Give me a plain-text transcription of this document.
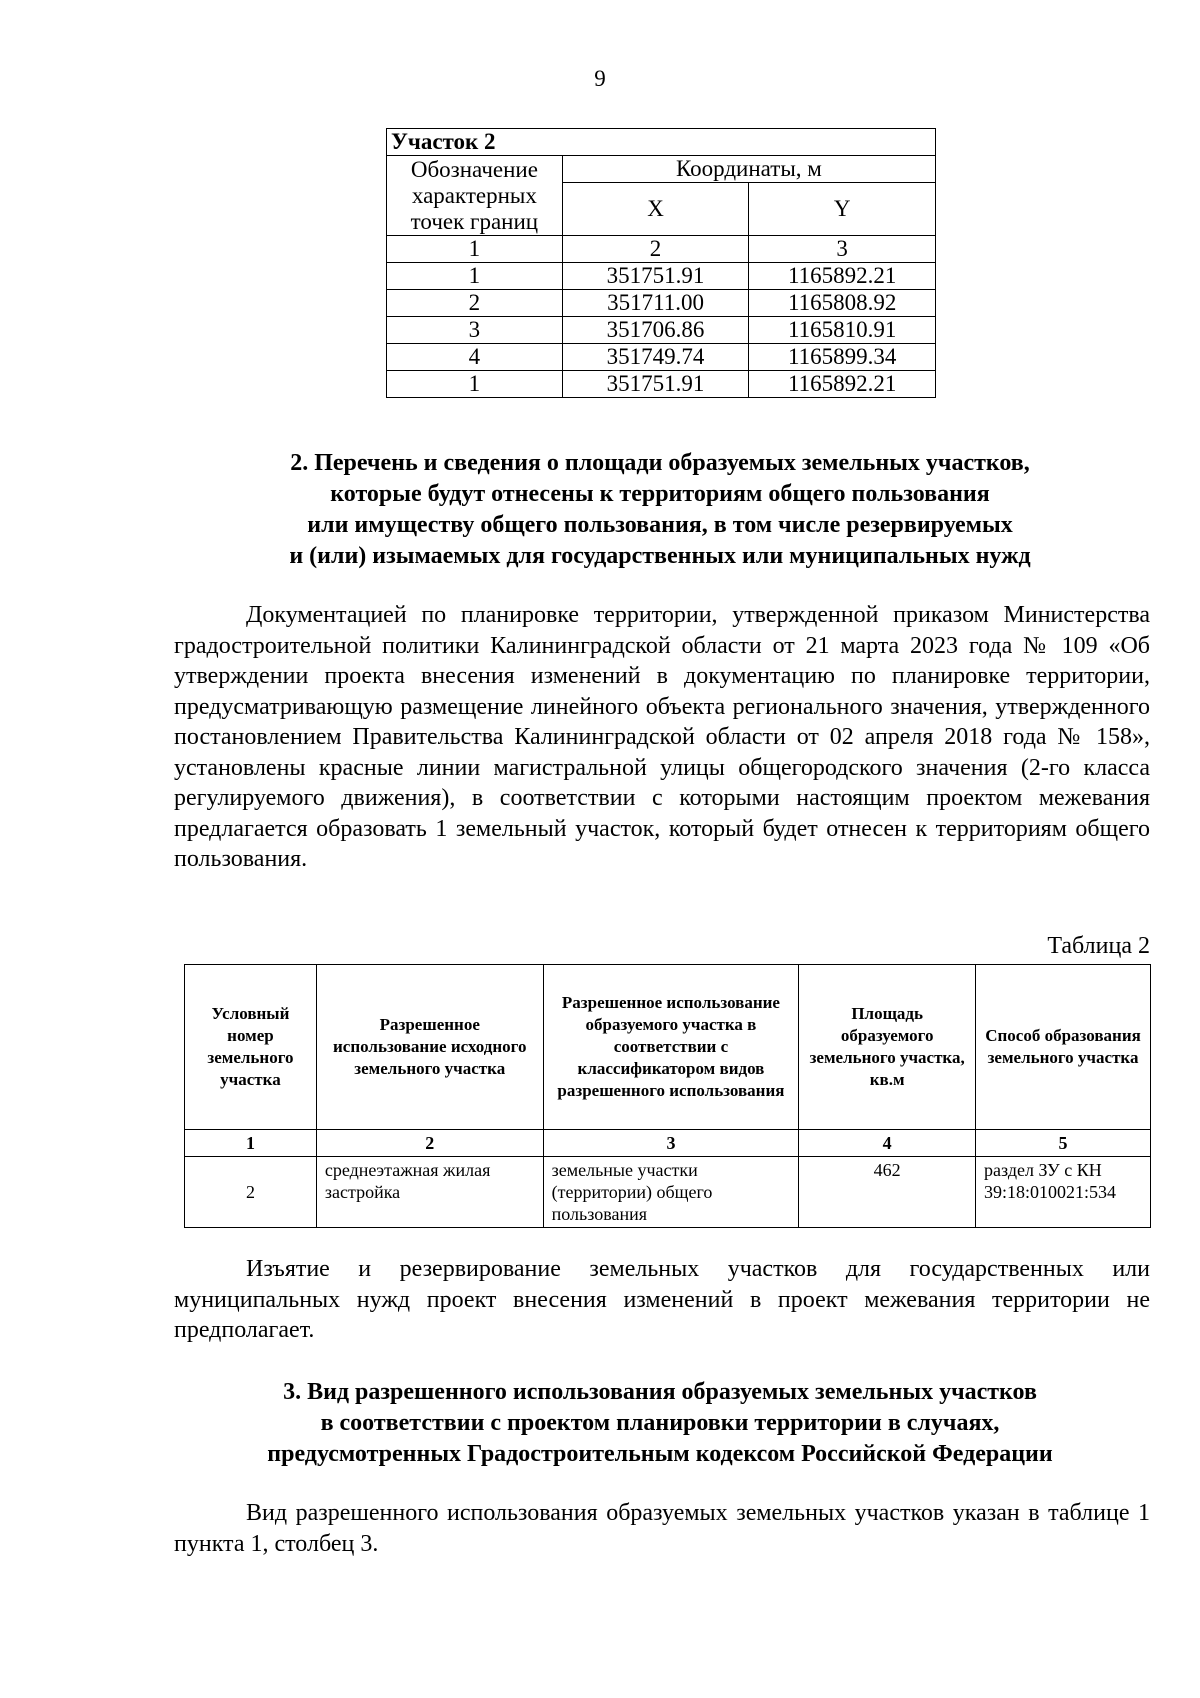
9
Участок 2		
Обозначение характерных точек границ	Координаты, м	
	X	Y
1	2	3
1	351751.91	1165892.21
2	351711.00	1165808.92
3	351706.86	1165810.91
4	351749.74	1165899.34
1	351751.91	1165892.21
2. Перечень и сведения о площади образуемых земельных участков,
которые будут отнесены к территориям общего пользования
или имуществу общего пользования, в том числе резервируемых
и (или) изымаемых для государственных или муниципальных нужд
Документацией по планировке территории, утвержденной приказом Министерства градостроительной политики Калининградской области от 21 марта 2023 года № 109 «Об утверждении проекта внесения изменений в документацию по планировке территории, предусматривающую размещение линейного объекта регионального значения, утвержденного постановлением Правительства Калининградской области от 02 апреля 2018 года № 158», установлены красные линии магистральной улицы общегородского значения (2-го класса регулируемого движения), в соответствии с которыми настоящим проектом межевания предлагается образовать 1 земельный участок, который будет отнесен к территориям общего пользования.
Таблица 2
Условный номер земельного участка	Разрешенное использование исходного земельного участка	Разрешенное использование образуемого участка в соответствии с классификатором видов разрешенного использования	Площадь образуемого земельного участка, кв.м	Способ образования земельного участка
1	2	3	4	5
2	среднеэтажная жилая застройка	земельные участки (территории) общего пользования	462	раздел ЗУ с КН 39:18:010021:534
Изъятие и резервирование земельных участков для государственных или муниципальных нужд проект внесения изменений в проект межевания территории не предполагает.
3. Вид разрешенного использования образуемых земельных участков
в соответствии с проектом планировки территории в случаях,
предусмотренных Градостроительным кодексом Российской Федерации
Вид разрешенного использования образуемых земельных участков указан в таблице 1 пункта 1, столбец 3.
